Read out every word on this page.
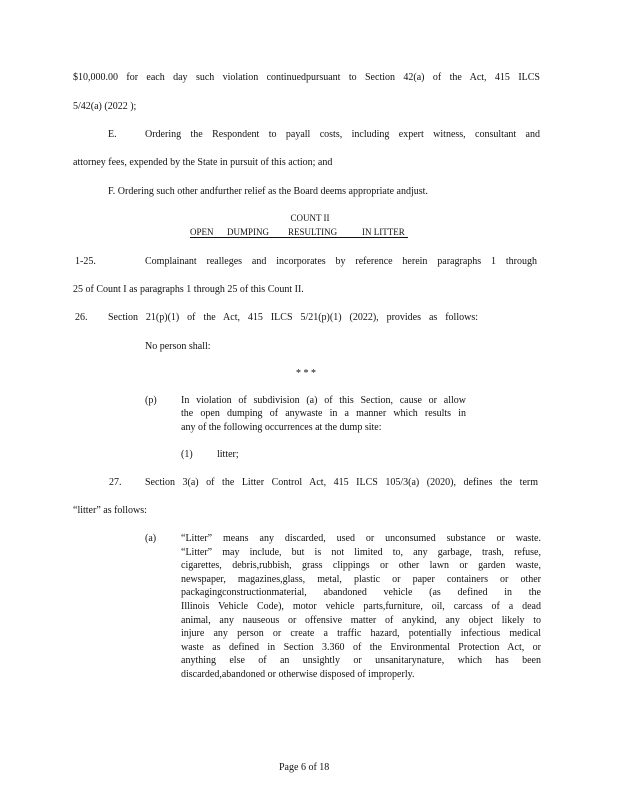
$10,000.00 for each day such violation continuedpursuant to Section 42(a) of the Act, 415 ILCS
5/42(a) (2022 );
E.	Ordering the Respondent to payall costs, including expert witness, consultant and
attorney fees, expended by the State in pursuit of this action; and
F. Ordering such other andfurther relief as the Board deems appropriate andjust.
COUNT II
OPEN DUMPING RESULTING	IN LITTER
1-25.	Complainant realleges and incorporates by reference herein paragraphs 1 through
25 of Count I as paragraphs 1 through 25 of this Count II.
26. Section 21(p)(1) of the Act, 415 ILCS 5/21(p)(1) (2022), provides as follows:
No person shall:
* * *
(p) In violation of subdivision (a) of this Section, cause or allow
the open dumping of anywaste in a manner which results in
any of the following occurrences at the dump site:
(1) litter;
27. Section 3(a) of the Litter Control Act, 415 ILCS 105/3(a) (2020), defines the term
“litter” as follows:
(a) “Litter” means any discarded, used or unconsumed substance or waste.
“Litter” may include, but is not limited to, any garbage, trash, refuse,
cigarettes, debris,rubbish, grass clippings or other lawn or garden waste,
newspaper, magazines,glass, metal, plastic or paper containers or other
packagingconstructionmaterial, abandoned vehicle (as defined in the
Illinois Vehicle Code), motor vehicle parts,furniture, oil, carcass of a dead
animal, any nauseous or offensive matter of anykind, any object likely to
injure any person or create a traffic hazard, potentially infectious medical
waste as defined in Section 3.360 of the Environmental Protection Act, or
anything else of an unsightly or unsanitarynature, which has been
discarded,abandoned or otherwise disposed of improperly.
Page 6 of 18
